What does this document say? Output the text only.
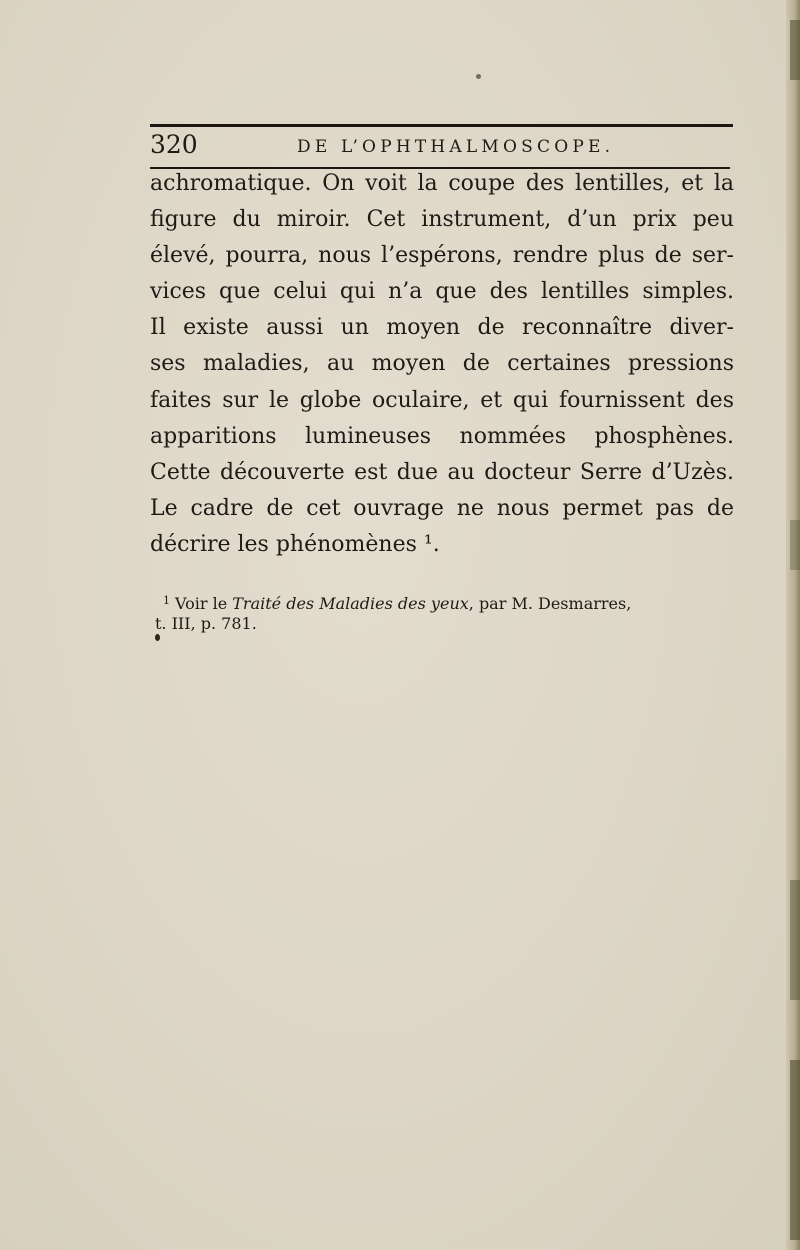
320	DE L’OPHTHALMOSCOPE.
achromatique. On voit la coupe des lentilles, et la
figure du miroir. Cet instrument, d’un prix peu
élevé, pourra, nous l’espérons, rendre plus de ser-
vices que celui qui n’a que des lentilles simples.
Il existe aussi un moyen de reconnaître diver-
ses maladies, au moyen de certaines pressions
faites sur le globe oculaire, et qui fournissent des
apparitions lumineuses nommées phosphènes.
Cette découverte est due au docteur Serre d’Uzès.
Le cadre de cet ouvrage ne nous permet pas de
décrire les phénomènes ¹.
$^1$ Voir le Traité des Maladies des yeux, par M. Desmarres,
t. III, p. 781.
